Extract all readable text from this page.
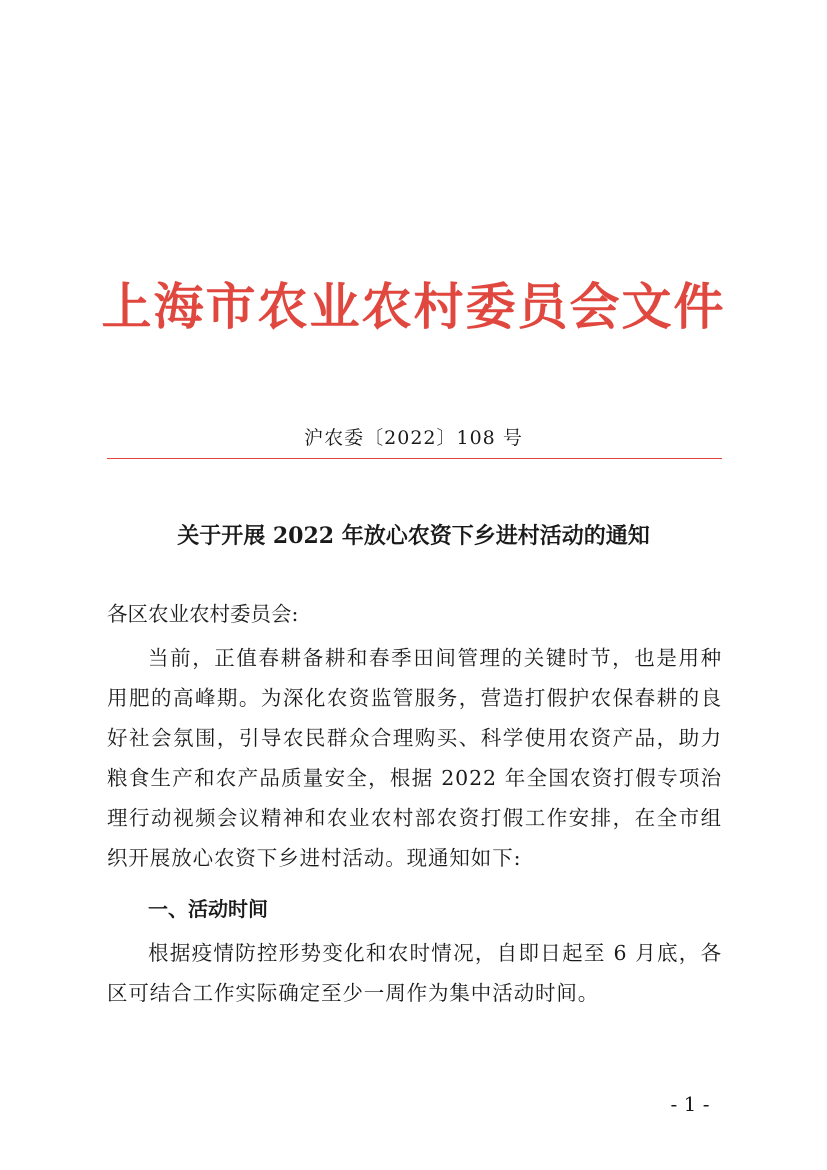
上海市农业农村委员会文件
沪农委〔2022〕108 号
关于开展 2022 年放心农资下乡进村活动的通知
各区农业农村委员会:
当前，正值春耕备耕和春季田间管理的关键时节，也是用种用肥的高峰期。为深化农资监管服务，营造打假护农保春耕的良好社会氛围，引导农民群众合理购买、科学使用农资产品，助力粮食生产和农产品质量安全，根据 2022 年全国农资打假专项治理行动视频会议精神和农业农村部农资打假工作安排，在全市组织开展放心农资下乡进村活动。现通知如下:
一、活动时间
根据疫情防控形势变化和农时情况，自即日起至 6 月底，各区可结合工作实际确定至少一周作为集中活动时间。
- 1 -
